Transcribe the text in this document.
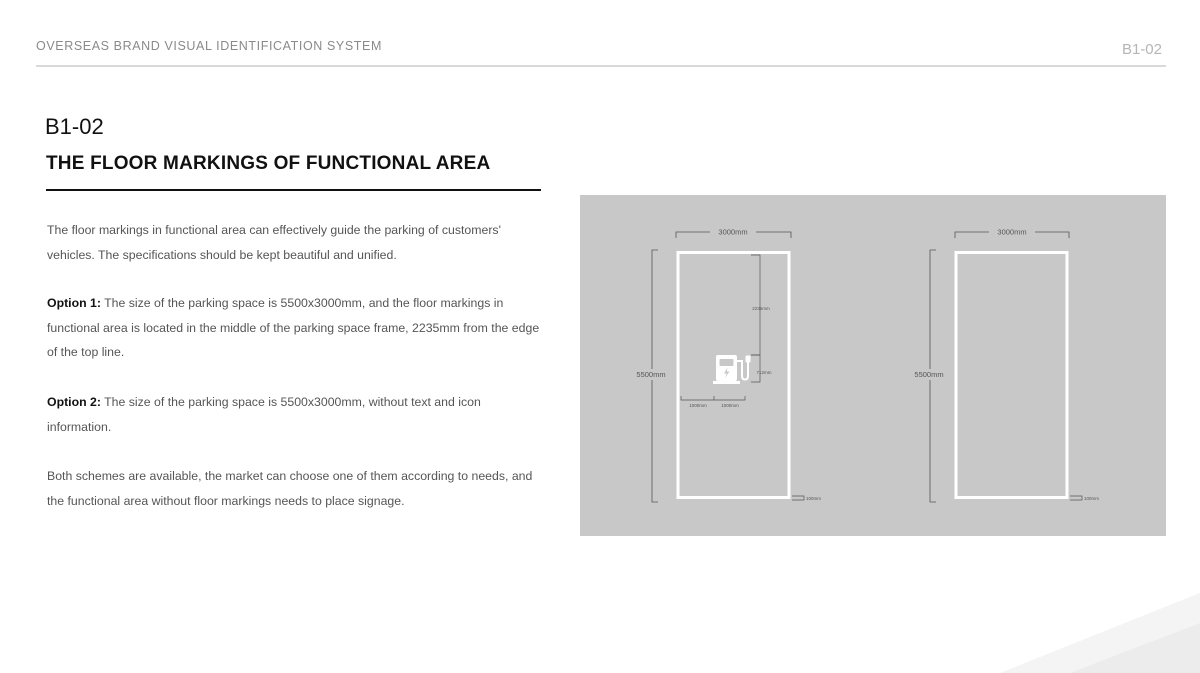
OVERSEAS BRAND VISUAL IDENTIFICATION SYSTEM	B1-02
B1-02
THE FLOOR MARKINGS OF FUNCTIONAL AREA

The floor markings in functional area can effectively guide the parking of customers' vehicles. The specifications should be kept beautiful and unified.

Option 1: The size of the parking space is 5500x3000mm, and the floor markings in functional area is located in the middle of the parking space frame, 2235mm from the edge of the top line.

Option 2: The size of the parking space is 5500x3000mm, without text and icon information.

Both schemes are available, the market can choose one of them according to needs, and the functional area without floor markings needs to place signage.

3000mm
5500mm
2235mm
712mm
1000mm	1000mm
100mm
3000mm
5500mm
100mm
